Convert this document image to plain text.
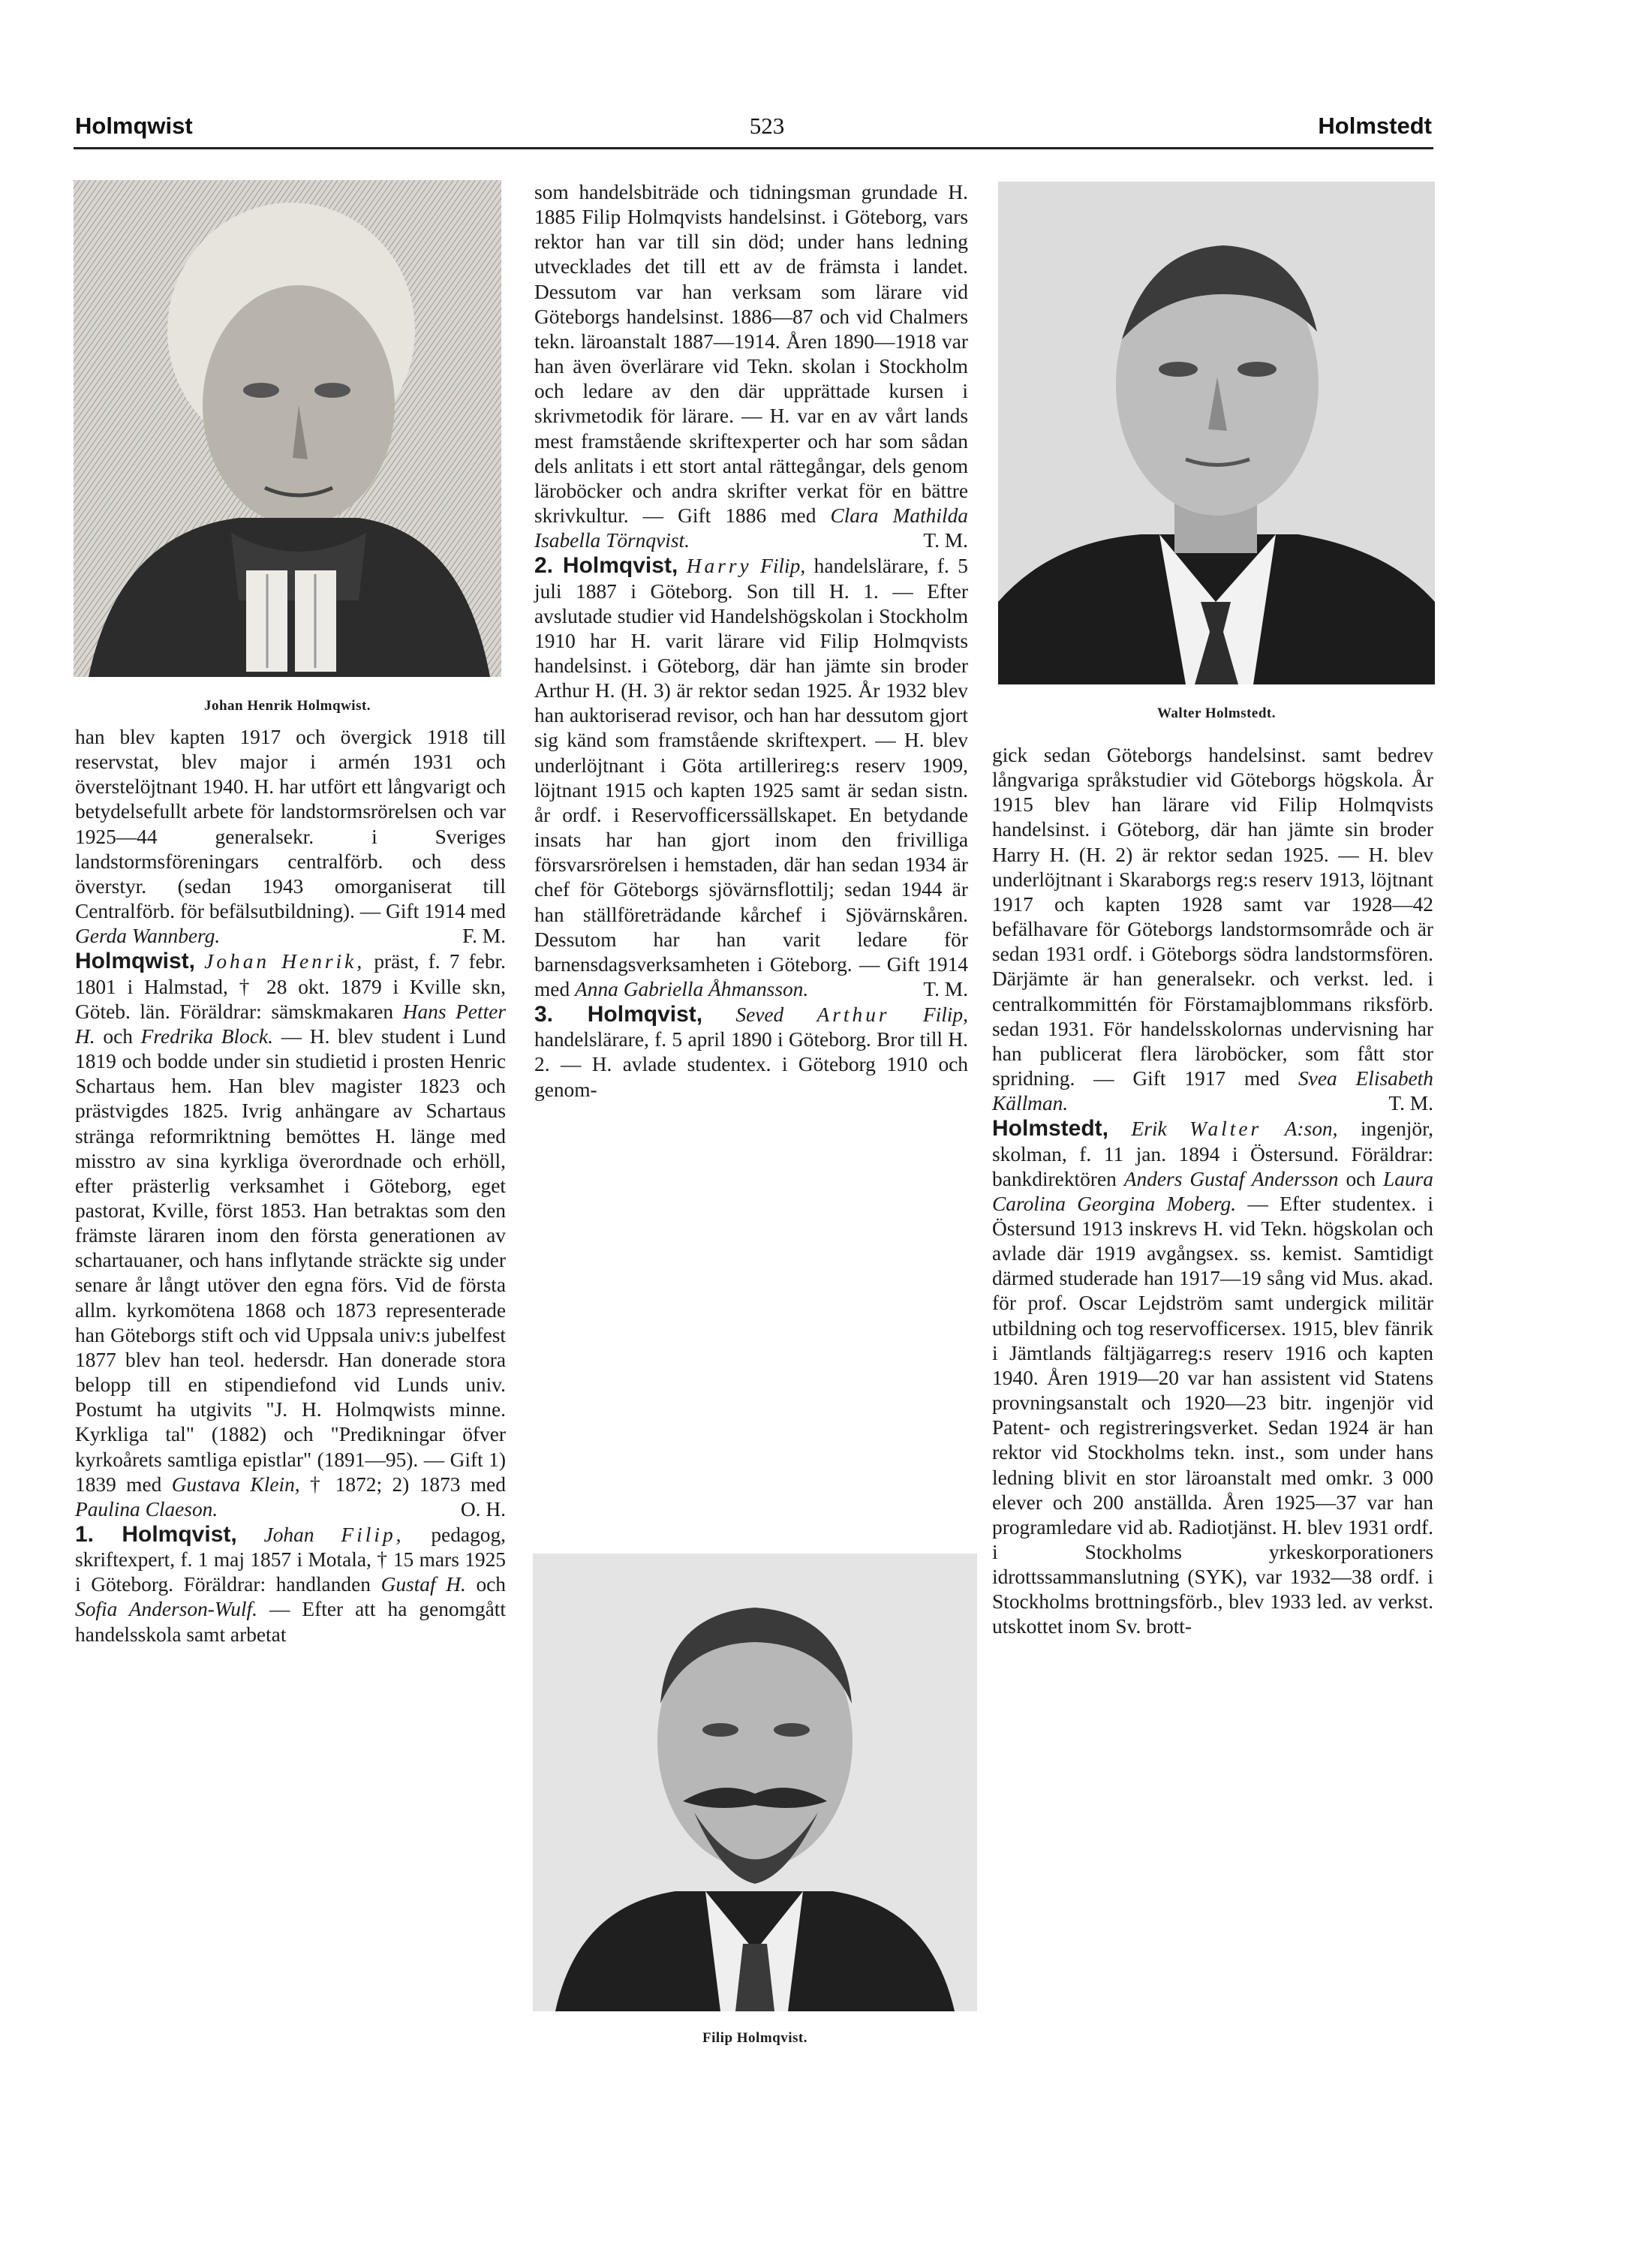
Holmqwist	523	Holmstedt
Johan Henrik Holmqwist.	Walter Holmstedt.
Filip Holmqvist.

han blev kapten 1917 och övergick 1918 till reservstat, blev major i armén 1931 och överstelöjtnant 1940. H. har utfört ett långvarigt och betydelsefullt arbete för landstormsrörelsen och var 1925—44 generalsekr. i Sveriges landstormsföreningars centralförb. och dess överstyr. (sedan 1943 omorganiserat till Centralförb. för befälsutbildning). — Gift 1914 med Gerda Wannberg.	F. M.

Holmqwist, Johan Henrik, präst, f. 7 febr. 1801 i Halmstad, † 28 okt. 1879 i Kville skn, Göteb. län. Föräldrar: sämskmakaren Hans Petter H. och Fredrika Block. — H. blev student i Lund 1819 och bodde under sin studietid i prosten Henric Schartaus hem. Han blev magister 1823 och prästvigdes 1825. Ivrig anhängare av Schartaus stränga reformriktning bemöttes H. länge med misstro av sina kyrkliga överordnade och erhöll, efter prästerlig verksamhet i Göteborg, eget pastorat, Kville, först 1853. Han betraktas som den främste läraren inom den första generationen av schartauaner, och hans inflytande sträckte sig under senare år långt utöver den egna förs. Vid de första allm. kyrkomötena 1868 och 1873 representerade han Göteborgs stift och vid Uppsala univ:s jubelfest 1877 blev han teol. hedersdr. Han donerade stora belopp till en stipendiefond vid Lunds univ. Postumt ha utgivits "J. H. Holmqwists minne. Kyrkliga tal" (1882) och "Predikningar öfver kyrkoårets samtliga epistlar" (1891—95). — Gift 1) 1839 med Gustava Klein, † 1872; 2) 1873 med Paulina Claeson.	O. H.

1. Holmqvist, Johan Filip, pedagog, skriftexpert, f. 1 maj 1857 i Motala, † 15 mars 1925 i Göteborg. Föräldrar: handlanden Gustaf H. och Sofia Anderson-Wulf. — Efter att ha genomgått handelsskola samt arbetat

som handelsbiträde och tidningsman grundade H. 1885 Filip Holmqvists handelsinst. i Göteborg, vars rektor han var till sin död; under hans ledning utvecklades det till ett av de främsta i landet. Dessutom var han verksam som lärare vid Göteborgs handelsinst. 1886—87 och vid Chalmers tekn. läroanstalt 1887—1914. Åren 1890—1918 var han även överlärare vid Tekn. skolan i Stockholm och ledare av den där upprättade kursen i skrivmetodik för lärare. — H. var en av vårt lands mest framstående skriftexperter och har som sådan dels anlitats i ett stort antal rättegångar, dels genom läroböcker och andra skrifter verkat för en bättre skrivkultur. — Gift 1886 med Clara Mathilda Isabella Törnqvist.	T. M.

2. Holmqvist, Harry Filip, handelslärare, f. 5 juli 1887 i Göteborg. Son till H. 1. — Efter avslutade studier vid Handelshögskolan i Stockholm 1910 har H. varit lärare vid Filip Holmqvists handelsinst. i Göteborg, där han jämte sin broder Arthur H. (H. 3) är rektor sedan 1925. År 1932 blev han auktoriserad revisor, och han har dessutom gjort sig känd som framstående skriftexpert. — H. blev underlöjtnant i Göta artillerireg:s reserv 1909, löjtnant 1915 och kapten 1925 samt är sedan sistn. år ordf. i Reservofficerssällskapet. En betydande insats har han gjort inom den frivilliga försvarsrörelsen i hemstaden, där han sedan 1934 är chef för Göteborgs sjövärnsflottilj; sedan 1944 är han ställföreträdande kårchef i Sjövärnskåren. Dessutom har han varit ledare för barnensdagsverksamheten i Göteborg. — Gift 1914 med Anna Gabriella Åhmansson.	T. M.

3. Holmqvist, Seved Arthur Filip, handelslärare, f. 5 april 1890 i Göteborg. Bror till H. 2. — H. avlade studentex. i Göteborg 1910 och genom-

gick sedan Göteborgs handelsinst. samt bedrev långvariga språkstudier vid Göteborgs högskola. År 1915 blev han lärare vid Filip Holmqvists handelsinst. i Göteborg, där han jämte sin broder Harry H. (H. 2) är rektor sedan 1925. — H. blev underlöjtnant i Skaraborgs reg:s reserv 1913, löjtnant 1917 och kapten 1928 samt var 1928—42 befälhavare för Göteborgs landstormsområde och är sedan 1931 ordf. i Göteborgs södra landstormsfören. Därjämte är han generalsekr. och verkst. led. i centralkommittén för Förstamajblommans riksförb. sedan 1931. För handelsskolornas undervisning har han publicerat flera läroböcker, som fått stor spridning. — Gift 1917 med Svea Elisabeth Källman.	T. M.

Holmstedt, Erik Walter A:son, ingenjör, skolman, f. 11 jan. 1894 i Östersund. Föräldrar: bankdirektören Anders Gustaf Andersson och Laura Carolina Georgina Moberg. — Efter studentex. i Östersund 1913 inskrevs H. vid Tekn. högskolan och avlade där 1919 avgångsex. ss. kemist. Samtidigt därmed studerade han 1917—19 sång vid Mus. akad. för prof. Oscar Lejdström samt undergick militär utbildning och tog reservofficersex. 1915, blev fänrik i Jämtlands fältjägarreg:s reserv 1916 och kapten 1940. Åren 1919—20 var han assistent vid Statens provningsanstalt och 1920—23 bitr. ingenjör vid Patent- och registreringsverket. Sedan 1924 är han rektor vid Stockholms tekn. inst., som under hans ledning blivit en stor läroanstalt med omkr. 3 000 elever och 200 anställda. Åren 1925—37 var han programledare vid ab. Radiotjänst. H. blev 1931 ordf. i Stockholms yrkeskorporationers idrottssammanslutning (SYK), var 1932—38 ordf. i Stockholms brottningsförb., blev 1933 led. av verkst. utskottet inom Sv. brott-
